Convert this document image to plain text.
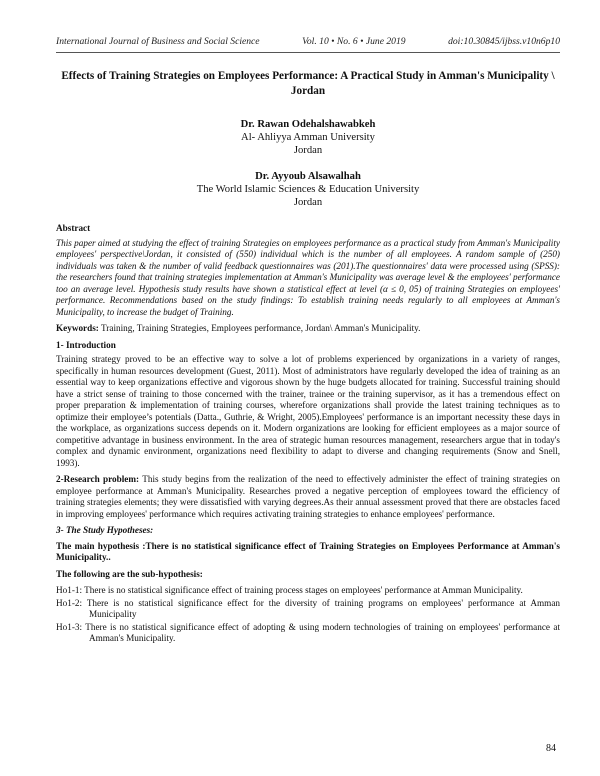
International Journal of Business and Social Science	Vol. 10 • No. 6 • June 2019	doi:10.30845/ijbss.v10n6p10
Effects of Training Strategies on Employees Performance: A Practical Study in Amman's Municipality \ Jordan
Dr. Rawan Odehalshawabkeh
Al- Ahliyya Amman University
Jordan
Dr. Ayyoub Alsawalhah
The World Islamic Sciences & Education University
Jordan
Abstract

This paper aimed at studying the effect of training Strategies on employees performance as a practical study from Amman's Municipality employees' perspective\Jordan, it consisted of (550) individual which is the number of all employees. A random sample of (250) individuals was taken & the number of valid feedback questionnaires was (201).The questionnaires' data were processed using (SPSS): the researchers found that training strategies implementation at Amman's Municipality was average level & the employees' performance too an average level. Hypothesis study results have shown a statistical effect at level (α ≤ 0, 05) of training Strategies on employees' performance. Recommendations based on the study findings: To establish training needs regularly to all employees at Amman's Municipality, to increase the budget of Training.

Keywords: Training, Training Strategies, Employees performance, Jordan\ Amman's Municipality.

1- Introduction

Training strategy proved to be an effective way to solve a lot of problems experienced by organizations in a variety of ranges, specifically in human resources development (Guest, 2011). Most of administrators have regularly developed the idea of training as an essential way to keep organizations effective and vigorous shown by the huge budgets allocated for training. Successful training should have a strict sense of training to those concerned with the trainer, trainee or the training supervisor, as it has a tremendous effect on proper preparation & implementation of training courses, wherefore organizations shall provide the latest training techniques as to optimize their employee’s potentials (Datta., Guthrie, & Wright, 2005).Employees' performance is an important necessity these days in the workplace, as organizations success depends on it. Modern organizations are looking for efficient employees as a major source of competitive advantage in business environment. In the area of strategic human resources management, researchers argue that in today's complex and dynamic environment, organizations need flexibility to adapt to diverse and changing requirements (Snow and Snell, 1993).

2-Research problem: This study begins from the realization of the need to effectively administer the effect of training strategies on employee performance at Amman's Municipality. Researches proved a negative perception of employees toward the efficiency of training strategies elements; they were dissatisfied with varying degrees.As their annual assessment proved that there are obstacles faced in improving employees' performance which requires activating training strategies to enhance employees' performance.

3- The Study Hypotheses:

The main hypothesis :There is no statistical significance effect of Training Strategies on Employees Performance at Amman's Municipality..

The following are the sub-hypothesis:

Ho1-1: There is no statistical significance effect of training process stages on employees' performance at Amman Municipality.

Ho1-2: There is no statistical significance effect for the diversity of training programs on employees' performance at Amman Municipality

Ho1-3: There is no statistical significance effect of adopting & using modern technologies of training on employees' performance at Amman's Municipality.

84
